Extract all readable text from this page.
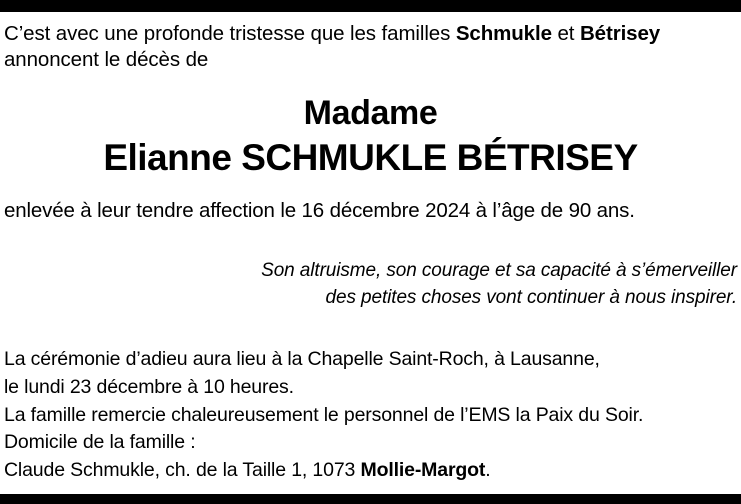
C’est avec une profonde tristesse que les familles Schmukle et Bétrisey
annoncent le décès de

Madame
Elianne SCHMUKLE BÉTRISEY

enlevée à leur tendre affection le 16 décembre 2024 à l’âge de 90 ans.

Son altruisme, son courage et sa capacité à s’émerveiller
des petites choses vont continuer à nous inspirer.
La cérémonie d’adieu aura lieu à la Chapelle Saint-Roch, à Lausanne,
le lundi 23 décembre à 10 heures.
La famille remercie chaleureusement le personnel de l’EMS la Paix du Soir.
Domicile de la famille :
Claude Schmukle, ch. de la Taille 1, 1073 Mollie-Margot.
